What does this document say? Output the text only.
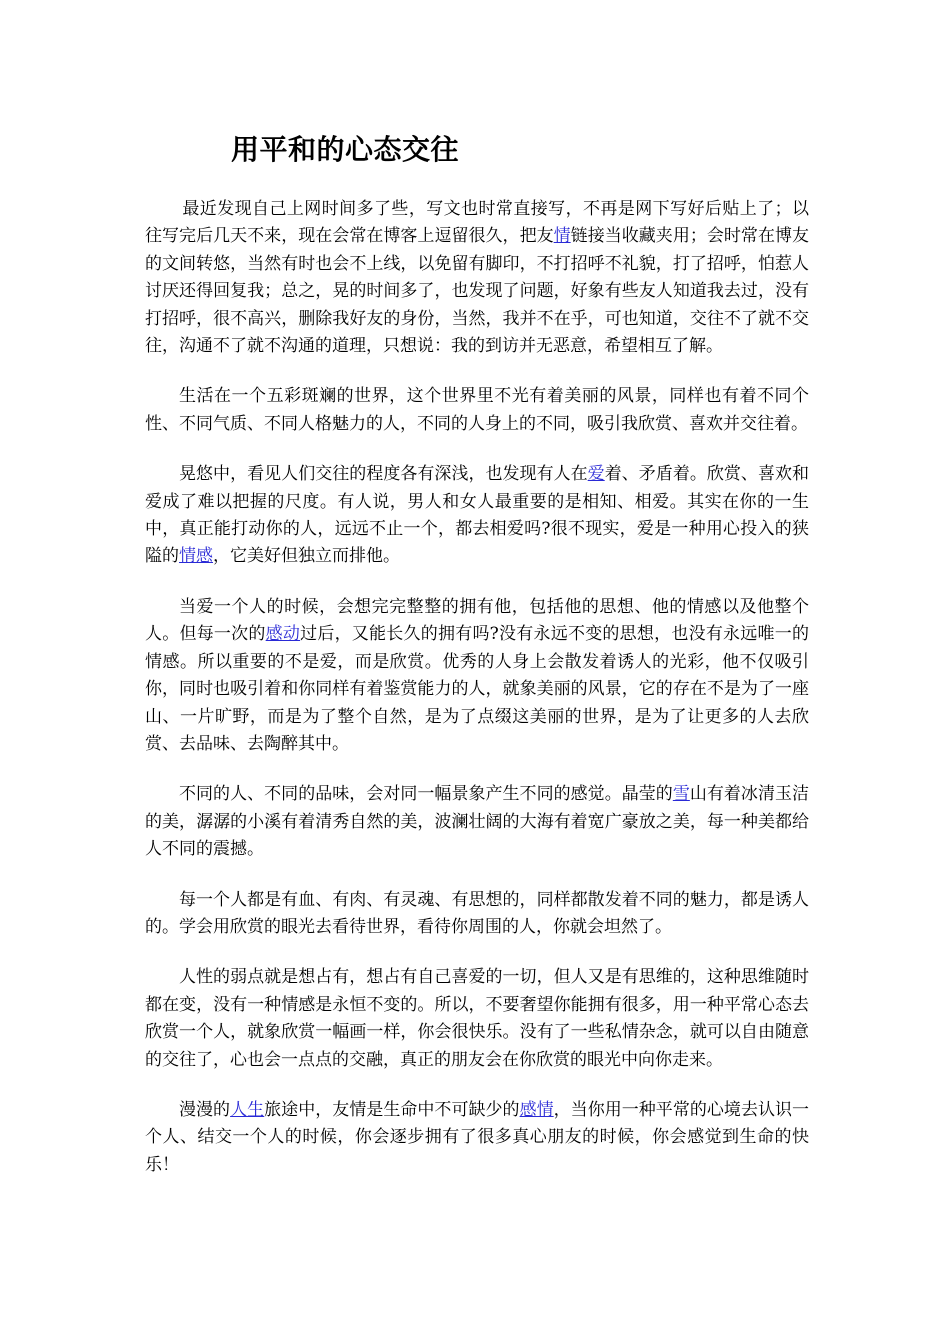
用平和的心态交往

最近发现自己上网时间多了些，写文也时常直接写，不再是网下写好后贴上了；以往写完后几天不来，现在会常在博客上逗留很久，把友情链接当收藏夹用；会时常在博友的文间转悠，当然有时也会不上线，以免留有脚印，不打招呼不礼貌，打了招呼，怕惹人讨厌还得回复我；总之，晃的时间多了，也发现了问题，好象有些友人知道我去过，没有打招呼，很不高兴，删除我好友的身份，当然，我并不在乎，可也知道，交往不了就不交往，沟通不了就不沟通的道理，只想说：我的到访并无恶意，希望相互了解。

生活在一个五彩斑斓的世界，这个世界里不光有着美丽的风景，同样也有着不同个性、不同气质、不同人格魅力的人，不同的人身上的不同，吸引我欣赏、喜欢并交往着。

晃悠中，看见人们交往的程度各有深浅，也发现有人在爱着、矛盾着。欣赏、喜欢和爱成了难以把握的尺度。有人说，男人和女人最重要的是相知、相爱。其实在你的一生中，真正能打动你的人，远远不止一个，都去相爱吗?很不现实，爱是一种用心投入的狭隘的情感，它美好但独立而排他。

当爱一个人的时候，会想完完整整的拥有他，包括他的思想、他的情感以及他整个人。但每一次的感动过后，又能长久的拥有吗?没有永远不变的思想，也没有永远唯一的情感。所以重要的不是爱，而是欣赏。优秀的人身上会散发着诱人的光彩，他不仅吸引你，同时也吸引着和你同样有着鉴赏能力的人，就象美丽的风景，它的存在不是为了一座山、一片旷野，而是为了整个自然，是为了点缀这美丽的世界，是为了让更多的人去欣赏、去品味、去陶醉其中。

不同的人、不同的品味，会对同一幅景象产生不同的感觉。晶莹的雪山有着冰清玉洁的美，潺潺的小溪有着清秀自然的美，波澜壮阔的大海有着宽广豪放之美，每一种美都给人不同的震撼。

每一个人都是有血、有肉、有灵魂、有思想的，同样都散发着不同的魅力，都是诱人的。学会用欣赏的眼光去看待世界，看待你周围的人，你就会坦然了。

人性的弱点就是想占有，想占有自己喜爱的一切，但人又是有思维的，这种思维随时都在变，没有一种情感是永恒不变的。所以，不要奢望你能拥有很多，用一种平常心态去欣赏一个人，就象欣赏一幅画一样，你会很快乐。没有了一些私情杂念，就可以自由随意的交往了，心也会一点点的交融，真正的朋友会在你欣赏的眼光中向你走来。

漫漫的人生旅途中，友情是生命中不可缺少的感情，当你用一种平常的心境去认识一个人、结交一个人的时候，你会逐步拥有了很多真心朋友的时候，你会感觉到生命的快乐！
